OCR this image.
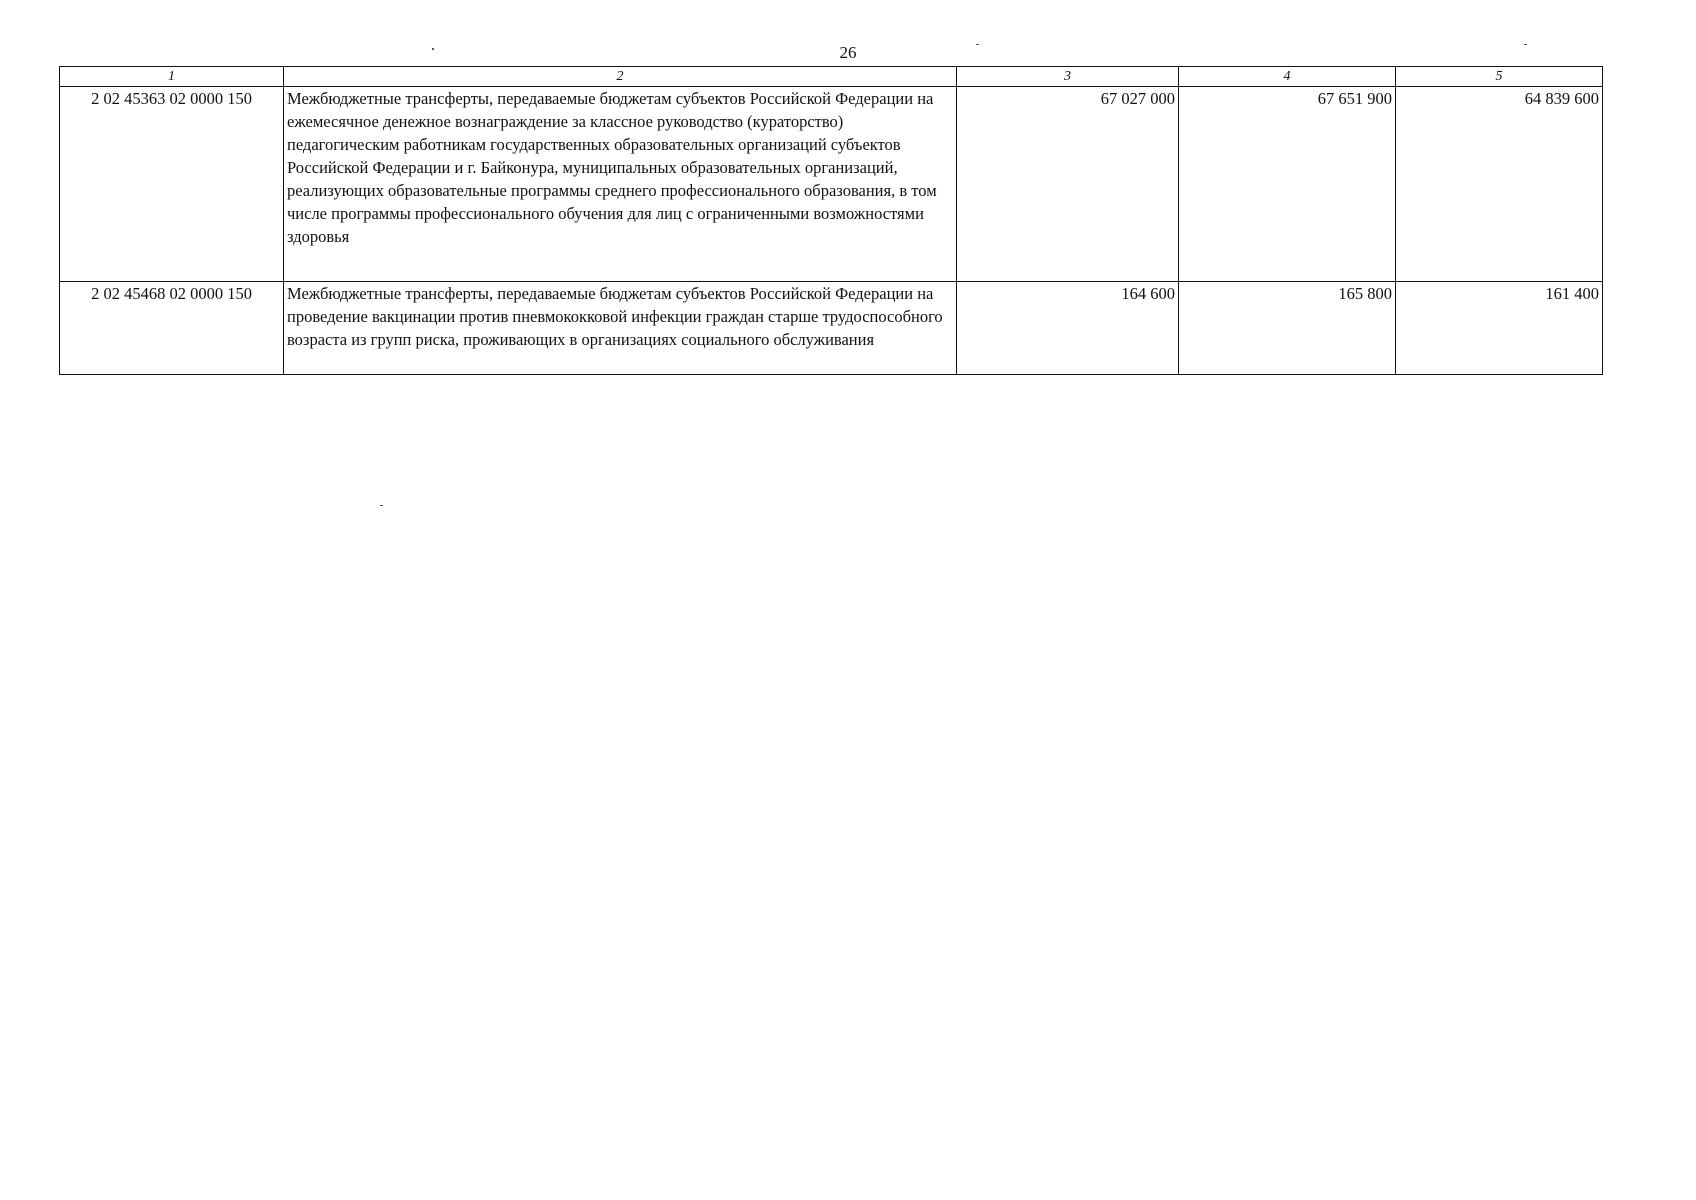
26
1	2	3	4	5
2 02 45363 02 0000 150	Межбюджетные трансферты, передаваемые бюджетам субъектов Российской Федерации на ежемесячное денежное вознаграждение за классное руководство (кураторство) педагогическим работникам государственных образовательных организаций субъектов Российской Федерации и г. Байконура, муниципальных образовательных организаций, реализующих образовательные программы среднего профессионального образования, в том числе программы профессионального обучения для лиц с ограниченными возможностями здоровья	67 027 000	67 651 900	64 839 600
2 02 45468 02 0000 150	Межбюджетные трансферты, передаваемые бюджетам субъектов Российской Федерации на проведение вакцинации против пневмококковой инфекции граждан старше трудоспособного возраста из групп риска, проживающих в организациях социального обслуживания	164 600	165 800	161 400
